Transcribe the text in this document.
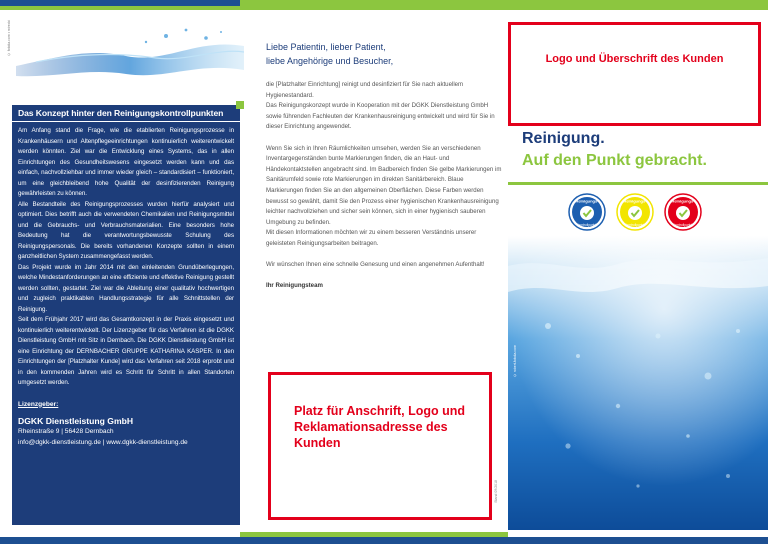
© fotolia.com • mirecki
Das Konzept hinter den Reinigungskontrollpunkten

Am Anfang stand die Frage, wie die etablierten Reinigungsprozesse in Krankenhäusern und Altenpflegeeinrichtungen kontinuierlich weiterentwickelt werden könnten. Ziel war die Entwicklung eines Systems, das in allen Einrichtungen des Gesundheitswesens eingesetzt werden kann und das einfach, nachvollziehbar und immer wieder gleich – standardisiert – funktioniert, um eine gleichbleibend hohe Qualität der desinfizierenden Reinigung gewährleisten zu können.

Alle Bestandteile des Reinigungsprozesses wurden hierfür analysiert und optimiert. Dies betrifft auch die verwendeten Chemikalien und Reinigungsmittel und die Gebrauchs- und Verbrauchsmaterialien. Eine besonders hohe Bedeutung hat die verantwortungsbewusste Schulung des Reinigungspersonals. Die bereits vorhandenen Konzepte sollten in einem ganzheitlichen System zusammengefasst werden.

Das Projekt wurde im Jahr 2014 mit den einleitenden Grundüberlegungen, welche Mindestanforderungen an eine effiziente und effektive Reinigung gestellt werden sollten, gestartet. Ziel war die Ableitung einer qualitativ hochwertigen und zugleich praktikablen Handlungsstrategie für alle Schnittstellen der Reinigung.

Seit dem Frühjahr 2017 wird das Gesamtkonzept in der Praxis eingesetzt und kontinuierlich weiterentwickelt. Der Lizenzgeber für das Verfahren ist die DGKK Dienstleistung GmbH mit Sitz in Dernbach. Die DGKK Dienstleistung GmbH ist eine Einrichtung der DERNBACHER GRUPPE KATHARINA KASPER. In den Einrichtungen der [Platzhalter Kunde] wird das Verfahren seit 2018 erprobt und in den kommenden Jahren wird es Schritt für Schritt in allen Standorten umgesetzt werden.

Lizenzgeber:
DGKK Dienstleistung GmbH
Rheinstraße 9 | 56428 Dernbach
info@dgkk-dienstleistung.de | www.dgkk-dienstleistung.de
Liebe Patientin, lieber Patient,
liebe Angehörige und Besucher,

die [Platzhalter Einrichtung] reinigt und desinfiziert für Sie nach aktuellem Hygienestandard.
Das Reinigungskonzept wurde in Kooperation mit der DGKK Dienstleistung GmbH sowie führenden Fachleuten der Krankenhausreinigung entwickelt und wird für Sie in dieser Einrichtung angewendet.

Wenn Sie sich in Ihren Räumlichkeiten umsehen, werden Sie an verschiedenen Inventargegenständen bunte Markierungen finden, die an Haut- und Händekontaktstellen angebracht sind. Im Badbereich finden Sie gelbe Markierungen im Sanitärumfeld sowie rote Markierungen im direkten Sanitärbereich. Blaue Markierungen finden Sie an den allgemeinen Oberflächen. Diese Farben werden bewusst so gewählt, damit Sie den Prozess einer hygienischen Krankenhausreinigung leichter nachvollziehen und sicher sein können, sich in einer hygienisch sauberen Umgebung zu befinden.
Mit diesen Informationen möchten wir zu einem besseren Verständnis unserer geleisteten Reinigungsarbeiten beitragen.

Wir wünschen Ihnen eine schnelle Genesung und einen angenehmen Aufenthalt!

Ihr Reinigungsteam
Platz für Anschrift, Logo und Reklamationsadresse des Kunden
Stand 09/2018
Logo und Überschrift des Kunden
Reinigung.
Auf den Punkt gebracht.
Reinigungs-
kontrollpunkt
Reinigungs-
kontrollpunkt
Reinigungs-
kontrollpunkt
© robert-fotolia.com
